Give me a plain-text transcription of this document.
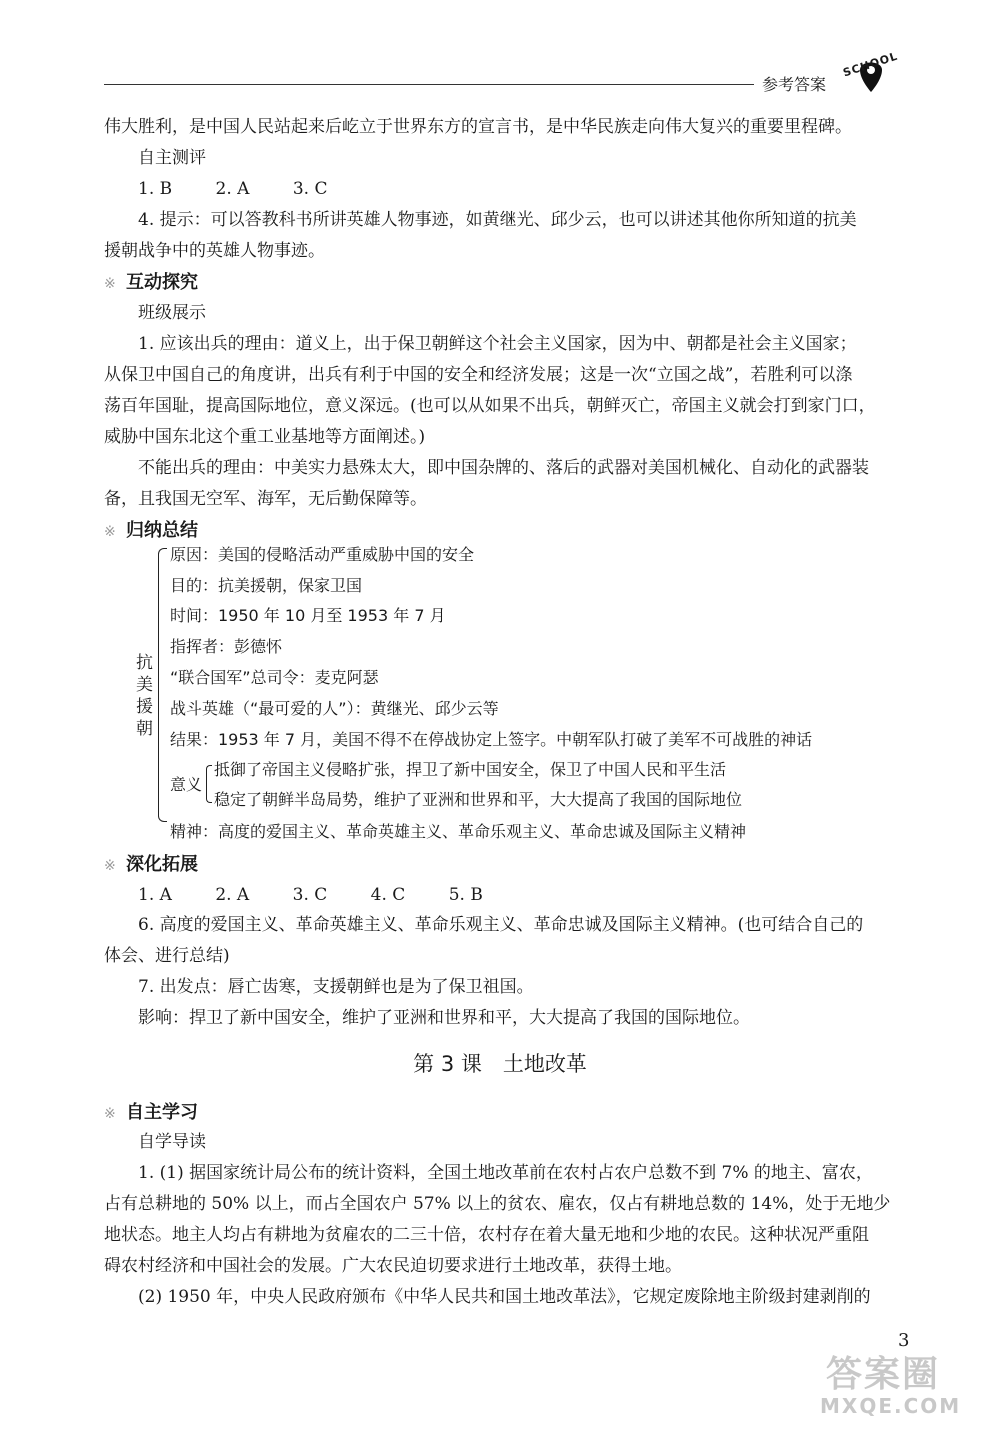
参考答案
SCHOOL
伟大胜利，是中国人民站起来后屹立于世界东方的宣言书，是中华民族走向伟大复兴的重要里程碑。
自主测评
1. B	2. A	3. C
4. 提示：可以答教科书所讲英雄人物事迹，如黄继光、邱少云，也可以讲述其他你所知道的抗美
援朝战争中的英雄人物事迹。
※ 互动探究
班级展示
1. 应该出兵的理由：道义上，出于保卫朝鲜这个社会主义国家，因为中、朝都是社会主义国家；
从保卫中国自己的角度讲，出兵有利于中国的安全和经济发展；这是一次“立国之战”，若胜利可以涤
荡百年国耻，提高国际地位，意义深远。(也可以从如果不出兵，朝鲜灭亡，帝国主义就会打到家门口，
威胁中国东北这个重工业基地等方面阐述。)
不能出兵的理由：中美实力悬殊太大，即中国杂牌的、落后的武器对美国机械化、自动化的武器装
备，且我国无空军、海军，无后勤保障等。
※ 归纳总结
抗美援朝
原因：美国的侵略活动严重威胁中国的安全
目的：抗美援朝，保家卫国
时间：1950 年 10 月至 1953 年 7 月
指挥者：彭德怀
“联合国军”总司令：麦克阿瑟
战斗英雄（“最可爱的人”）：黄继光、邱少云等
结果：1953 年 7 月，美国不得不在停战协定上签字。中朝军队打破了美军不可战胜的神话
意义
抵御了帝国主义侵略扩张，捍卫了新中国安全，保卫了中国人民和平生活
稳定了朝鲜半岛局势，维护了亚洲和世界和平，大大提高了我国的国际地位
精神：高度的爱国主义、革命英雄主义、革命乐观主义、革命忠诚及国际主义精神
※ 深化拓展
1. A	2. A	3. C	4. C	5. B
6. 高度的爱国主义、革命英雄主义、革命乐观主义、革命忠诚及国际主义精神。(也可结合自己的
体会、进行总结)
7. 出发点：唇亡齿寒，支援朝鲜也是为了保卫祖国。
影响：捍卫了新中国安全，维护了亚洲和世界和平，大大提高了我国的国际地位。
第 3 课　土地改革
※ 自主学习
自学导读
1. (1) 据国家统计局公布的统计资料，全国土地改革前在农村占农户总数不到 7% 的地主、富农，
占有总耕地的 50% 以上，而占全国农户 57% 以上的贫农、雇农，仅占有耕地总数的 14%，处于无地少
地状态。地主人均占有耕地为贫雇农的二三十倍，农村存在着大量无地和少地的农民。这种状况严重阻
碍农村经济和中国社会的发展。广大农民迫切要求进行土地改革，获得土地。
(2) 1950 年，中央人民政府颁布《中华人民共和国土地改革法》，它规定废除地主阶级封建剥削的
3
答案圈
MXQE.COM
